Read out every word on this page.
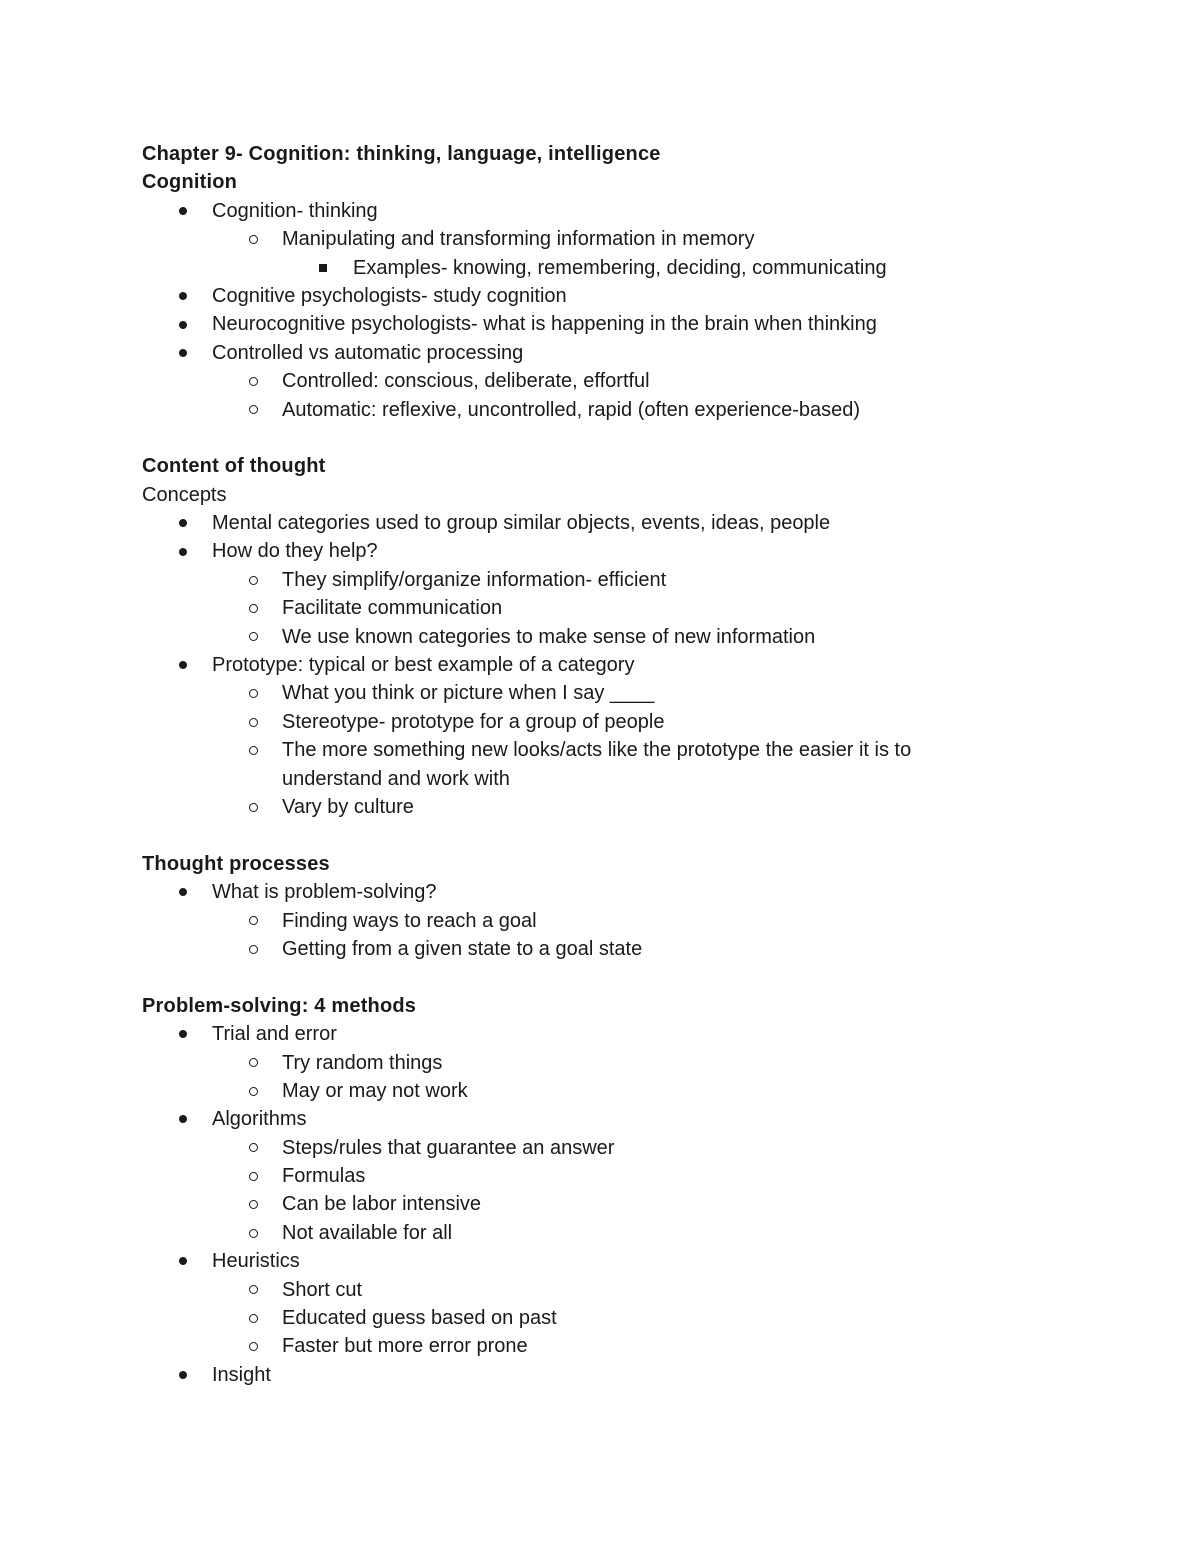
Chapter 9- Cognition: thinking, language, intelligence
Cognition
Cognition- thinking
Manipulating and transforming information in memory
Examples- knowing, remembering, deciding, communicating
Cognitive psychologists- study cognition
Neurocognitive psychologists- what is happening in the brain when thinking
Controlled vs automatic processing
Controlled: conscious, deliberate, effortful
Automatic: reflexive, uncontrolled, rapid (often experience-based)
Content of thought
Concepts
Mental categories used to group similar objects, events, ideas, people
How do they help?
They simplify/organize information- efficient
Facilitate communication
We use known categories to make sense of new information
Prototype: typical or best example of a category
What you think or picture when I say ____
Stereotype- prototype for a group of people
The more something new looks/acts like the prototype the easier it is to
understand and work with
Vary by culture
Thought processes
What is problem-solving?
Finding ways to reach a goal
Getting from a given state to a goal state
Problem-solving: 4 methods
Trial and error
Try random things
May or may not work
Algorithms
Steps/rules that guarantee an answer
Formulas
Can be labor intensive
Not available for all
Heuristics
Short cut
Educated guess based on past
Faster but more error prone
Insight
